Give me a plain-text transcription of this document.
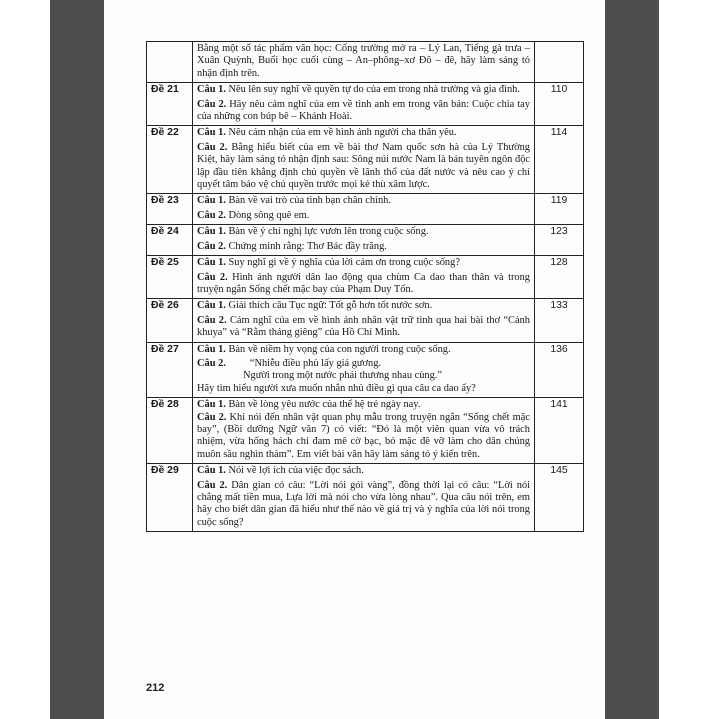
	Bằng một số tác phẩm văn học: Cổng trường mở ra – Lý Lan, Tiếng gà trưa – Xuân Quỳnh, Buổi học cuối cùng – An–phông–xơ Đô – đê, hãy làm sáng tỏ nhận định trên.	

Đề 21	Câu 1. Nêu lên suy nghĩ về quyền tự do của em trong nhà trường và gia đình.

Câu 2. Hãy nêu cảm nghĩ của em về tình anh em trong văn bản: Cuộc chia tay của những con búp bê – Khánh Hoài.	110
Đề 22	Câu 1. Nêu cảm nhận của em về hình ảnh người cha thân yêu.

Câu 2. Bằng hiểu biết của em về bài thơ Nam quốc sơn hà của Lý Thường Kiệt, hãy làm sáng tỏ nhận định sau: Sông núi nước Nam là bản tuyên ngôn độc lập đầu tiên khẳng định chủ quyền về lãnh thổ của đất nước và nêu cao ý chí quyết tâm bảo vệ chủ quyền trước mọi kẻ thù xâm lược.	114
Đề 23	Câu 1. Bàn về vai trò của tình bạn chân chính.

Câu 2. Dòng sông quê em.	119
Đề 24	Câu 1. Bàn về ý chí nghị lực vươn lên trong cuộc sống.

Câu 2. Chứng minh rằng: Thơ Bác đầy trăng.	123
Đề 25	Câu 1. Suy nghĩ gì về ý nghĩa của lời cảm ơn trong cuộc sống?

Câu 2. Hình ảnh người dân lao động qua chùm Ca dao than thân và trong truyện ngắn Sống chết mặc bay của Phạm Duy Tốn.	128
Đề 26	Câu 1. Giải thích câu Tục ngữ: Tốt gỗ hơn tốt nước sơn.

Câu 2. Cảm nghĩ của em về hình ảnh nhân vật trữ tình qua hai bài thơ “Cảnh khuya” và “Rằm tháng giêng” của Hồ Chí Minh.	133
Đề 27	Câu 1. Bàn về niềm hy vọng của con người trong cuộc sống.

Câu 2. “Nhiễu điều phủ lấy giá gương.

Người trong một nước phải thương nhau cùng.”

Hãy tìm hiểu người xưa muốn nhắn nhủ điều gì qua câu ca dao ấy?	136
Đề 28	Câu 1. Bàn về lòng yêu nước của thế hệ trẻ ngày nay.

Câu 2. Khi nói đến nhân vật quan phụ mẫu trong truyện ngắn “Sống chết mặc bay”, (Bồi dưỡng Ngữ văn 7) có viết: “Đó là một viên quan vừa vô trách nhiệm, vừa hống hách chỉ đam mê cờ bạc, bỏ mặc đê vỡ làm cho dân chúng muôn sầu nghìn thảm”. Em viết bài văn hãy làm sáng tỏ ý kiến trên.	141
Đề 29	Câu 1. Nói về lợi ích của việc đọc sách.

Câu 2. Dân gian có câu: “Lời nói gói vàng”, đồng thời lại có câu: “Lời nói chẳng mất tiền mua, Lựa lời mà nói cho vừa lòng nhau”. Qua câu nói trên, em hãy cho biết dân gian đã hiểu như thế nào về giá trị và ý nghĩa của lời nói trong cuộc sống?	145
212
